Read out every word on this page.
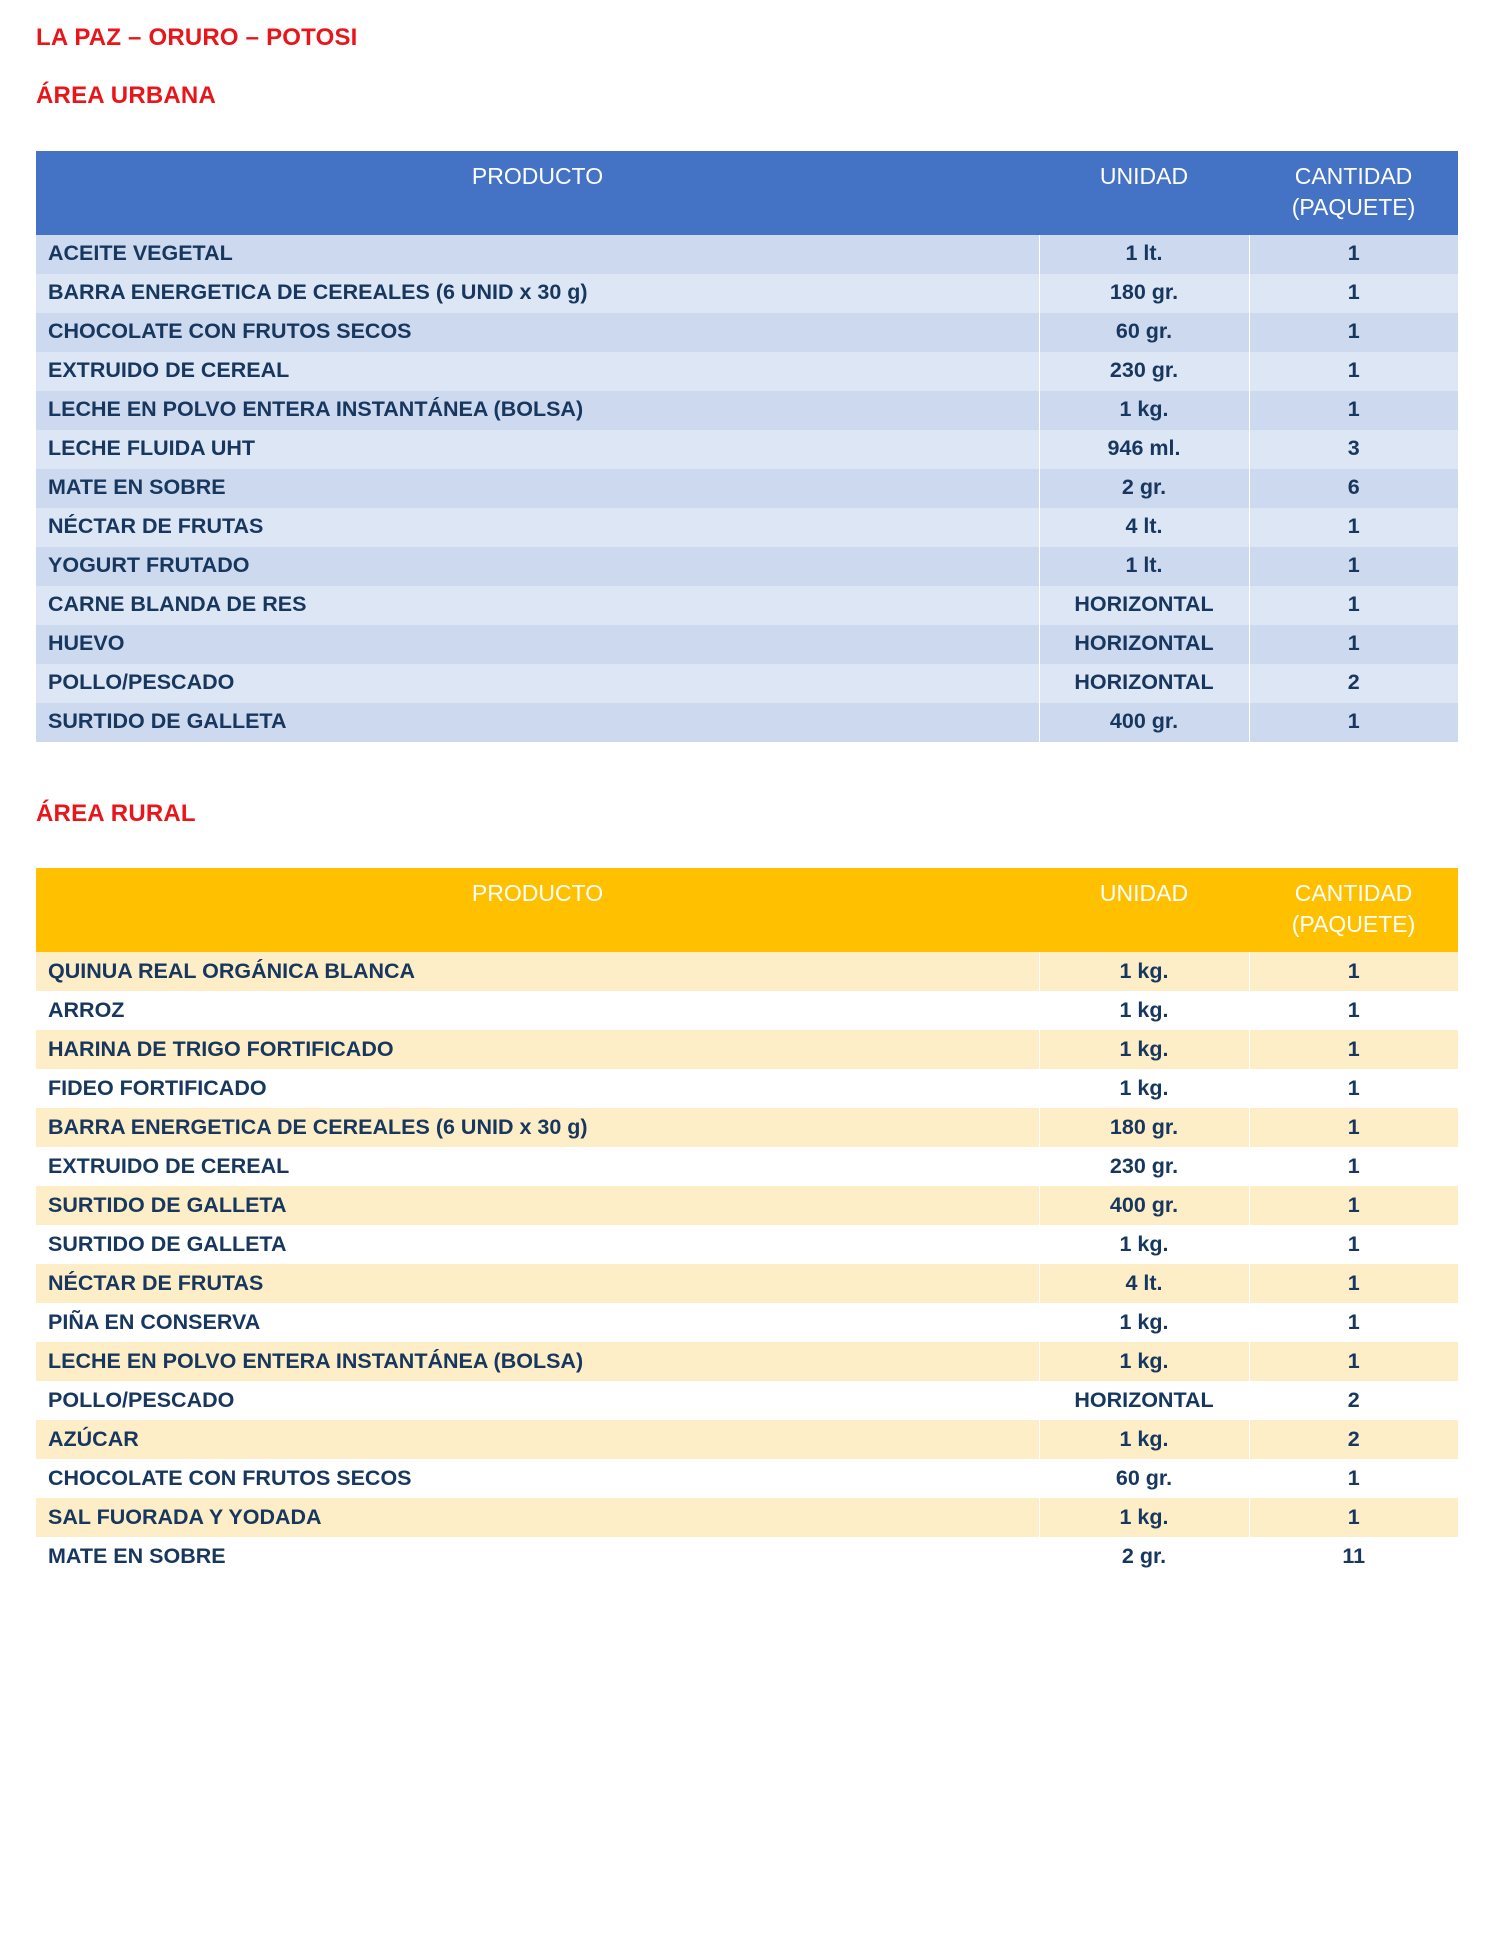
LA PAZ – ORURO – POTOSI
ÁREA URBANA
PRODUCTO	UNIDAD	CANTIDAD
(PAQUETE)

ACEITE VEGETAL	1 lt.	1
BARRA ENERGETICA DE CEREALES (6 UNID x 30 g)	180 gr.	1
CHOCOLATE CON FRUTOS SECOS	60 gr.	1
EXTRUIDO DE CEREAL	230 gr.	1
LECHE EN POLVO ENTERA INSTANTÁNEA (BOLSA)	1 kg.	1
LECHE FLUIDA UHT	946 ml.	3
MATE EN SOBRE	2 gr.	6
NÉCTAR DE FRUTAS	4 lt.	1
YOGURT FRUTADO	1 lt.	1
CARNE BLANDA DE RES	HORIZONTAL	1
HUEVO	HORIZONTAL	1
POLLO/PESCADO	HORIZONTAL	2
SURTIDO DE GALLETA	400 gr.	1
ÁREA RURAL
PRODUCTO	UNIDAD	CANTIDAD
(PAQUETE)

QUINUA REAL ORGÁNICA BLANCA	1 kg.	1
ARROZ	1 kg.	1
HARINA DE TRIGO FORTIFICADO	1 kg.	1
FIDEO FORTIFICADO	1 kg.	1
BARRA ENERGETICA DE CEREALES (6 UNID x 30 g)	180 gr.	1
EXTRUIDO DE CEREAL	230 gr.	1
SURTIDO DE GALLETA	400 gr.	1
SURTIDO DE GALLETA	1 kg.	1
NÉCTAR DE FRUTAS	4 lt.	1
PIÑA EN CONSERVA	1 kg.	1
LECHE EN POLVO ENTERA INSTANTÁNEA (BOLSA)	1 kg.	1
POLLO/PESCADO	HORIZONTAL	2
AZÚCAR	1 kg.	2
CHOCOLATE CON FRUTOS SECOS	60 gr.	1
SAL FUORADA Y YODADA	1 kg.	1
MATE EN SOBRE	2 gr.	11
